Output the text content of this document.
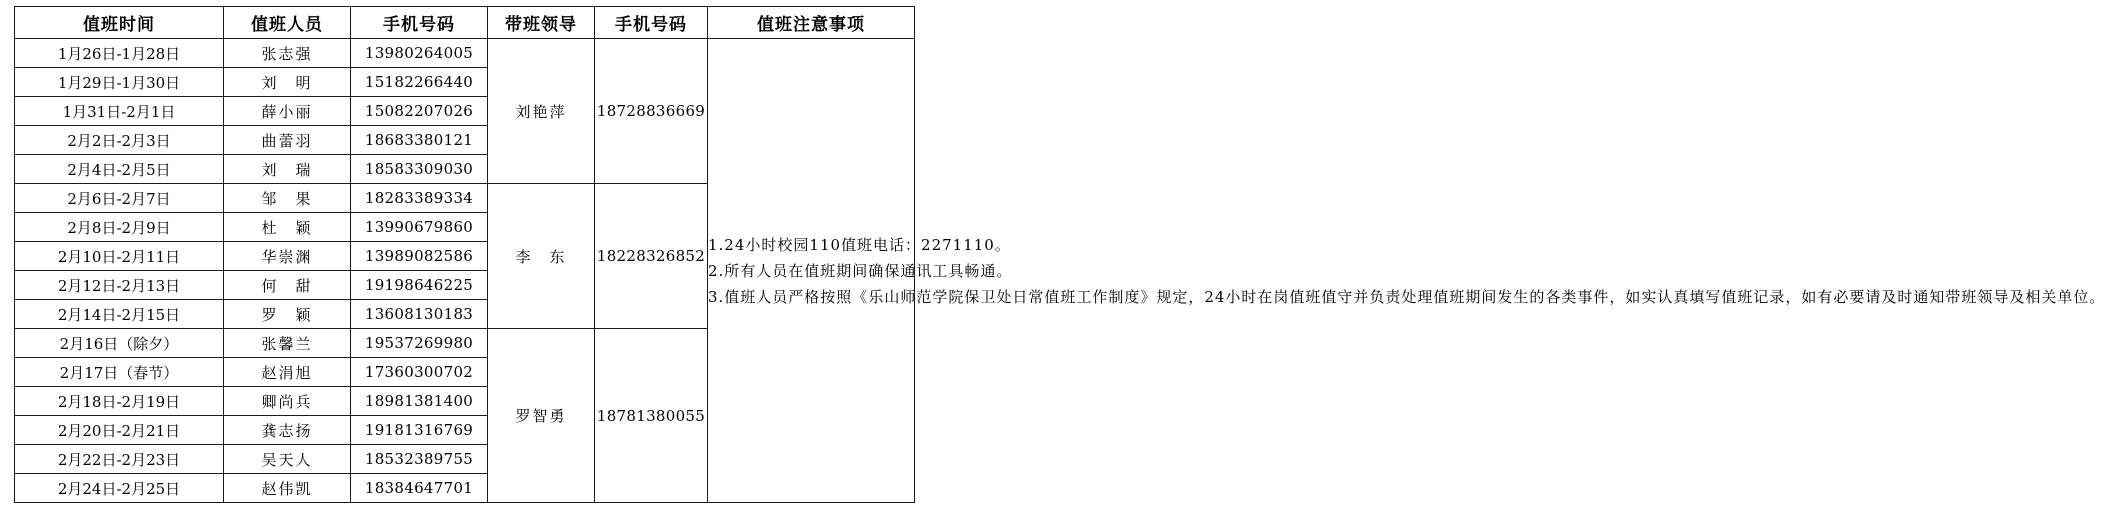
值班时间	值班人员	手机号码	带班领导	手机号码	值班注意事项
1月26日-1月28日	张志强	13980264005	刘艳萍	18728836669	1.24小时校园110值班电话：2271110。
2.所有人员在值班期间确保通讯工具畅通。
3.值班人员严格按照《乐山师范学院保卫处日常值班工作制度》规定，24小时在岗值班值守并负责处理值班期间发生的各类事件，如实认真填写值班记录，如有必要请及时通知带班领导及相关单位。

1月29日-1月30日	刘　明	15182266440			
1月31日-2月1日	薛小丽	15082207026			
2月2日-2月3日	曲蕾羽	18683380121			
2月4日-2月5日	刘　瑞	18583309030			
2月6日-2月7日	邹　果	18283389334	李　东	18228326852	
2月8日-2月9日	杜　颖	13990679860			
2月10日-2月11日	华崇渊	13989082586			
2月12日-2月13日	何　甜	19198646225			
2月14日-2月15日	罗　颖	13608130183			
2月16日（除夕）	张馨兰	19537269980	罗智勇	18781380055	
2月17日（春节）	赵涓旭	17360300702			
2月18日-2月19日	卿尚兵	18981381400			
2月20日-2月21日	龚志扬	19181316769			
2月22日-2月23日	吴天人	18532389755			
2月24日-2月25日	赵伟凯	18384647701			
